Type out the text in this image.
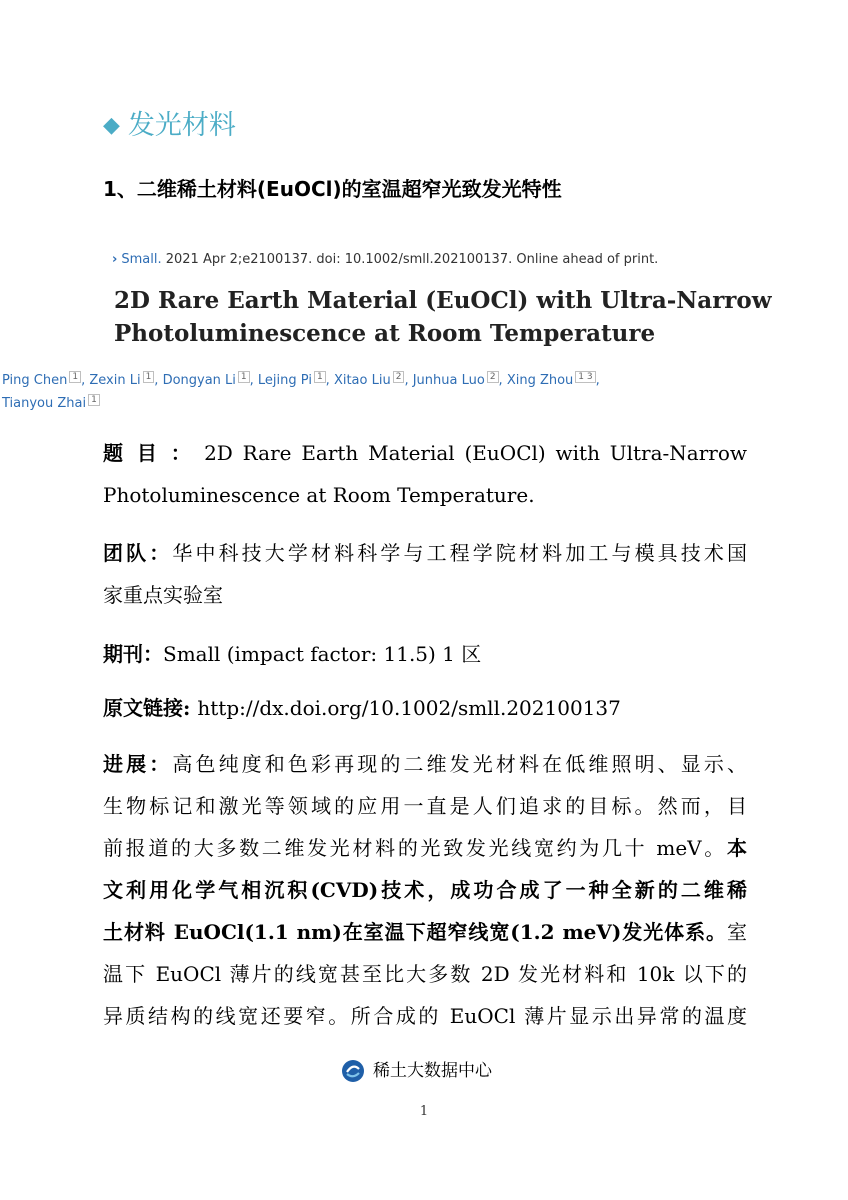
◆ 发光材料
1、二维稀土材料(EuOCl)的室温超窄光致发光特性
› Small. 2021 Apr 2;e2100137. doi: 10.1002/smll.202100137. Online ahead of print.
2D Rare Earth Material (EuOCl) with Ultra-Narrow
Photoluminescence at Room Temperature
Ping Chen 1 , Zexin Li 1 , Dongyan Li 1 , Lejing Pi 1 , Xitao Liu 2 , Junhua Luo 2 , Xing Zhou 1 3 ,
Tianyou Zhai 1
题 目 ： 2D Rare Earth Material (EuOCl) with Ultra-Narrow
Photoluminescence at Room Temperature.
团队：华中科技大学材料科学与工程学院材料加工与模具技术国
家重点实验室
期刊：Small (impact factor: 11.5) 1 区
原文链接: http://dx.doi.org/10.1002/smll.202100137
进展：高色纯度和色彩再现的二维发光材料在低维照明、显示、
生物标记和激光等领域的应用一直是人们追求的目标。然而，目
前报道的大多数二维发光材料的光致发光线宽约为几十 meV。本
文利用化学气相沉积(CVD)技术，成功合成了一种全新的二维稀
土材料 EuOCl(1.1 nm)在室温下超窄线宽(1.2 meV)发光体系。室
温下 EuOCl 薄片的线宽甚至比大多数 2D 发光材料和 10k 以下的
异质结构的线宽还要窄。所合成的 EuOCl 薄片显示出异常的温度
稀土大数据中心
1
